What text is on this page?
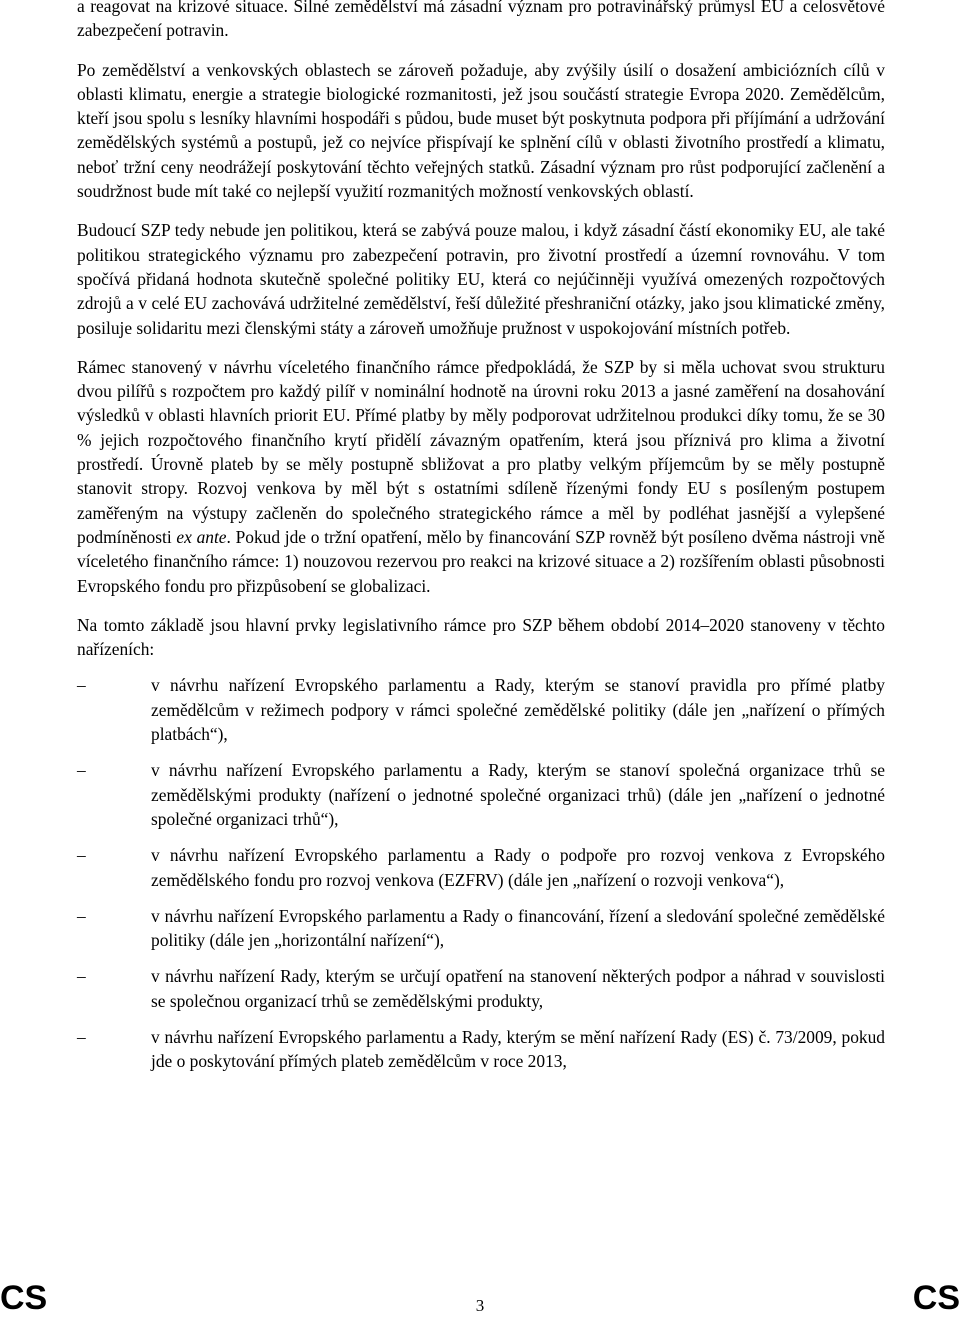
a reagovat na krizové situace. Silné zemědělství má zásadní význam pro potravinářský průmysl EU a celosvětové zabezpečení potravin.

Po zemědělství a venkovských oblastech se zároveň požaduje, aby zvýšily úsilí o dosažení ambiciózních cílů v oblasti klimatu, energie a strategie biologické rozmanitosti, jež jsou součástí strategie Evropa 2020. Zemědělcům, kteří jsou spolu s lesníky hlavními hospodáři s půdou, bude muset být poskytnuta podpora při příjímání a udržování zemědělských systémů a postupů, jež co nejvíce přispívají ke splnění cílů v oblasti životního prostředí a klimatu, neboť tržní ceny neodrážejí poskytování těchto veřejných statků. Zásadní význam pro růst podporující začlenění a soudržnost bude mít také co nejlepší využití rozmanitých možností venkovských oblastí.

Budoucí SZP tedy nebude jen politikou, která se zabývá pouze malou, i když zásadní částí ekonomiky EU, ale také politikou strategického významu pro zabezpečení potravin, pro životní prostředí a územní rovnováhu. V tom spočívá přidaná hodnota skutečně společné politiky EU, která co nejúčinněji využívá omezených rozpočtových zdrojů a v celé EU zachovává udržitelné zemědělství, řeší důležité přeshraniční otázky, jako jsou klimatické změny, posiluje solidaritu mezi členskými státy a zároveň umožňuje pružnost v uspokojování místních potřeb.

Rámec stanovený v návrhu víceletého finančního rámce předpokládá, že SZP by si měla uchovat svou strukturu dvou pilířů s rozpočtem pro každý pilíř v nominální hodnotě na úrovni roku 2013 a jasné zaměření na dosahování výsledků v oblasti hlavních priorit EU. Přímé platby by měly podporovat udržitelnou produkci díky tomu, že se 30 % jejich rozpočtového finančního krytí přidělí závazným opatřením, která jsou příznivá pro klima a životní prostředí. Úrovně plateb by se měly postupně sbližovat a pro platby velkým příjemcům by se měly postupně stanovit stropy. Rozvoj venkova by měl být s ostatními sdíleně řízenými fondy EU s posíleným postupem zaměřeným na výstupy začleněn do společného strategického rámce a měl by podléhat jasnější a vylepšené podmíněnosti ex ante. Pokud jde o tržní opatření, mělo by financování SZP rovněž být posíleno dvěma nástroji vně víceletého finančního rámce: 1) nouzovou rezervou pro reakci na krizové situace a 2) rozšířením oblasti působnosti Evropského fondu pro přizpůsobení se globalizaci.

Na tomto základě jsou hlavní prvky legislativního rámce pro SZP během období 2014–2020 stanoveny v těchto nařízeních:

–	v návrhu nařízení Evropského parlamentu a Rady, kterým se stanoví pravidla pro přímé platby zemědělcům v režimech podpory v rámci společné zemědělské politiky (dále jen „nařízení o přímých platbách“),
–	v návrhu nařízení Evropského parlamentu a Rady, kterým se stanoví společná organizace trhů se zemědělskými produkty (nařízení o jednotné společné organizaci trhů) (dále jen „nařízení o jednotné společné organizaci trhů“),
–	v návrhu nařízení Evropského parlamentu a Rady o podpoře pro rozvoj venkova z Evropského zemědělského fondu pro rozvoj venkova (EZFRV) (dále jen „nařízení o rozvoji venkova“),
–	v návrhu nařízení Evropského parlamentu a Rady o financování, řízení a sledování společné zemědělské politiky (dále jen „horizontální nařízení“),
–	v návrhu nařízení Rady, kterým se určují opatření na stanovení některých podpor a náhrad v souvislosti se společnou organizací trhů se zemědělskými produkty,
–	v návrhu nařízení Evropského parlamentu a Rady, kterým se mění nařízení Rady (ES) č. 73/2009, pokud jde o poskytování přímých plateb zemědělcům v roce 2013,
CS	3	CS
